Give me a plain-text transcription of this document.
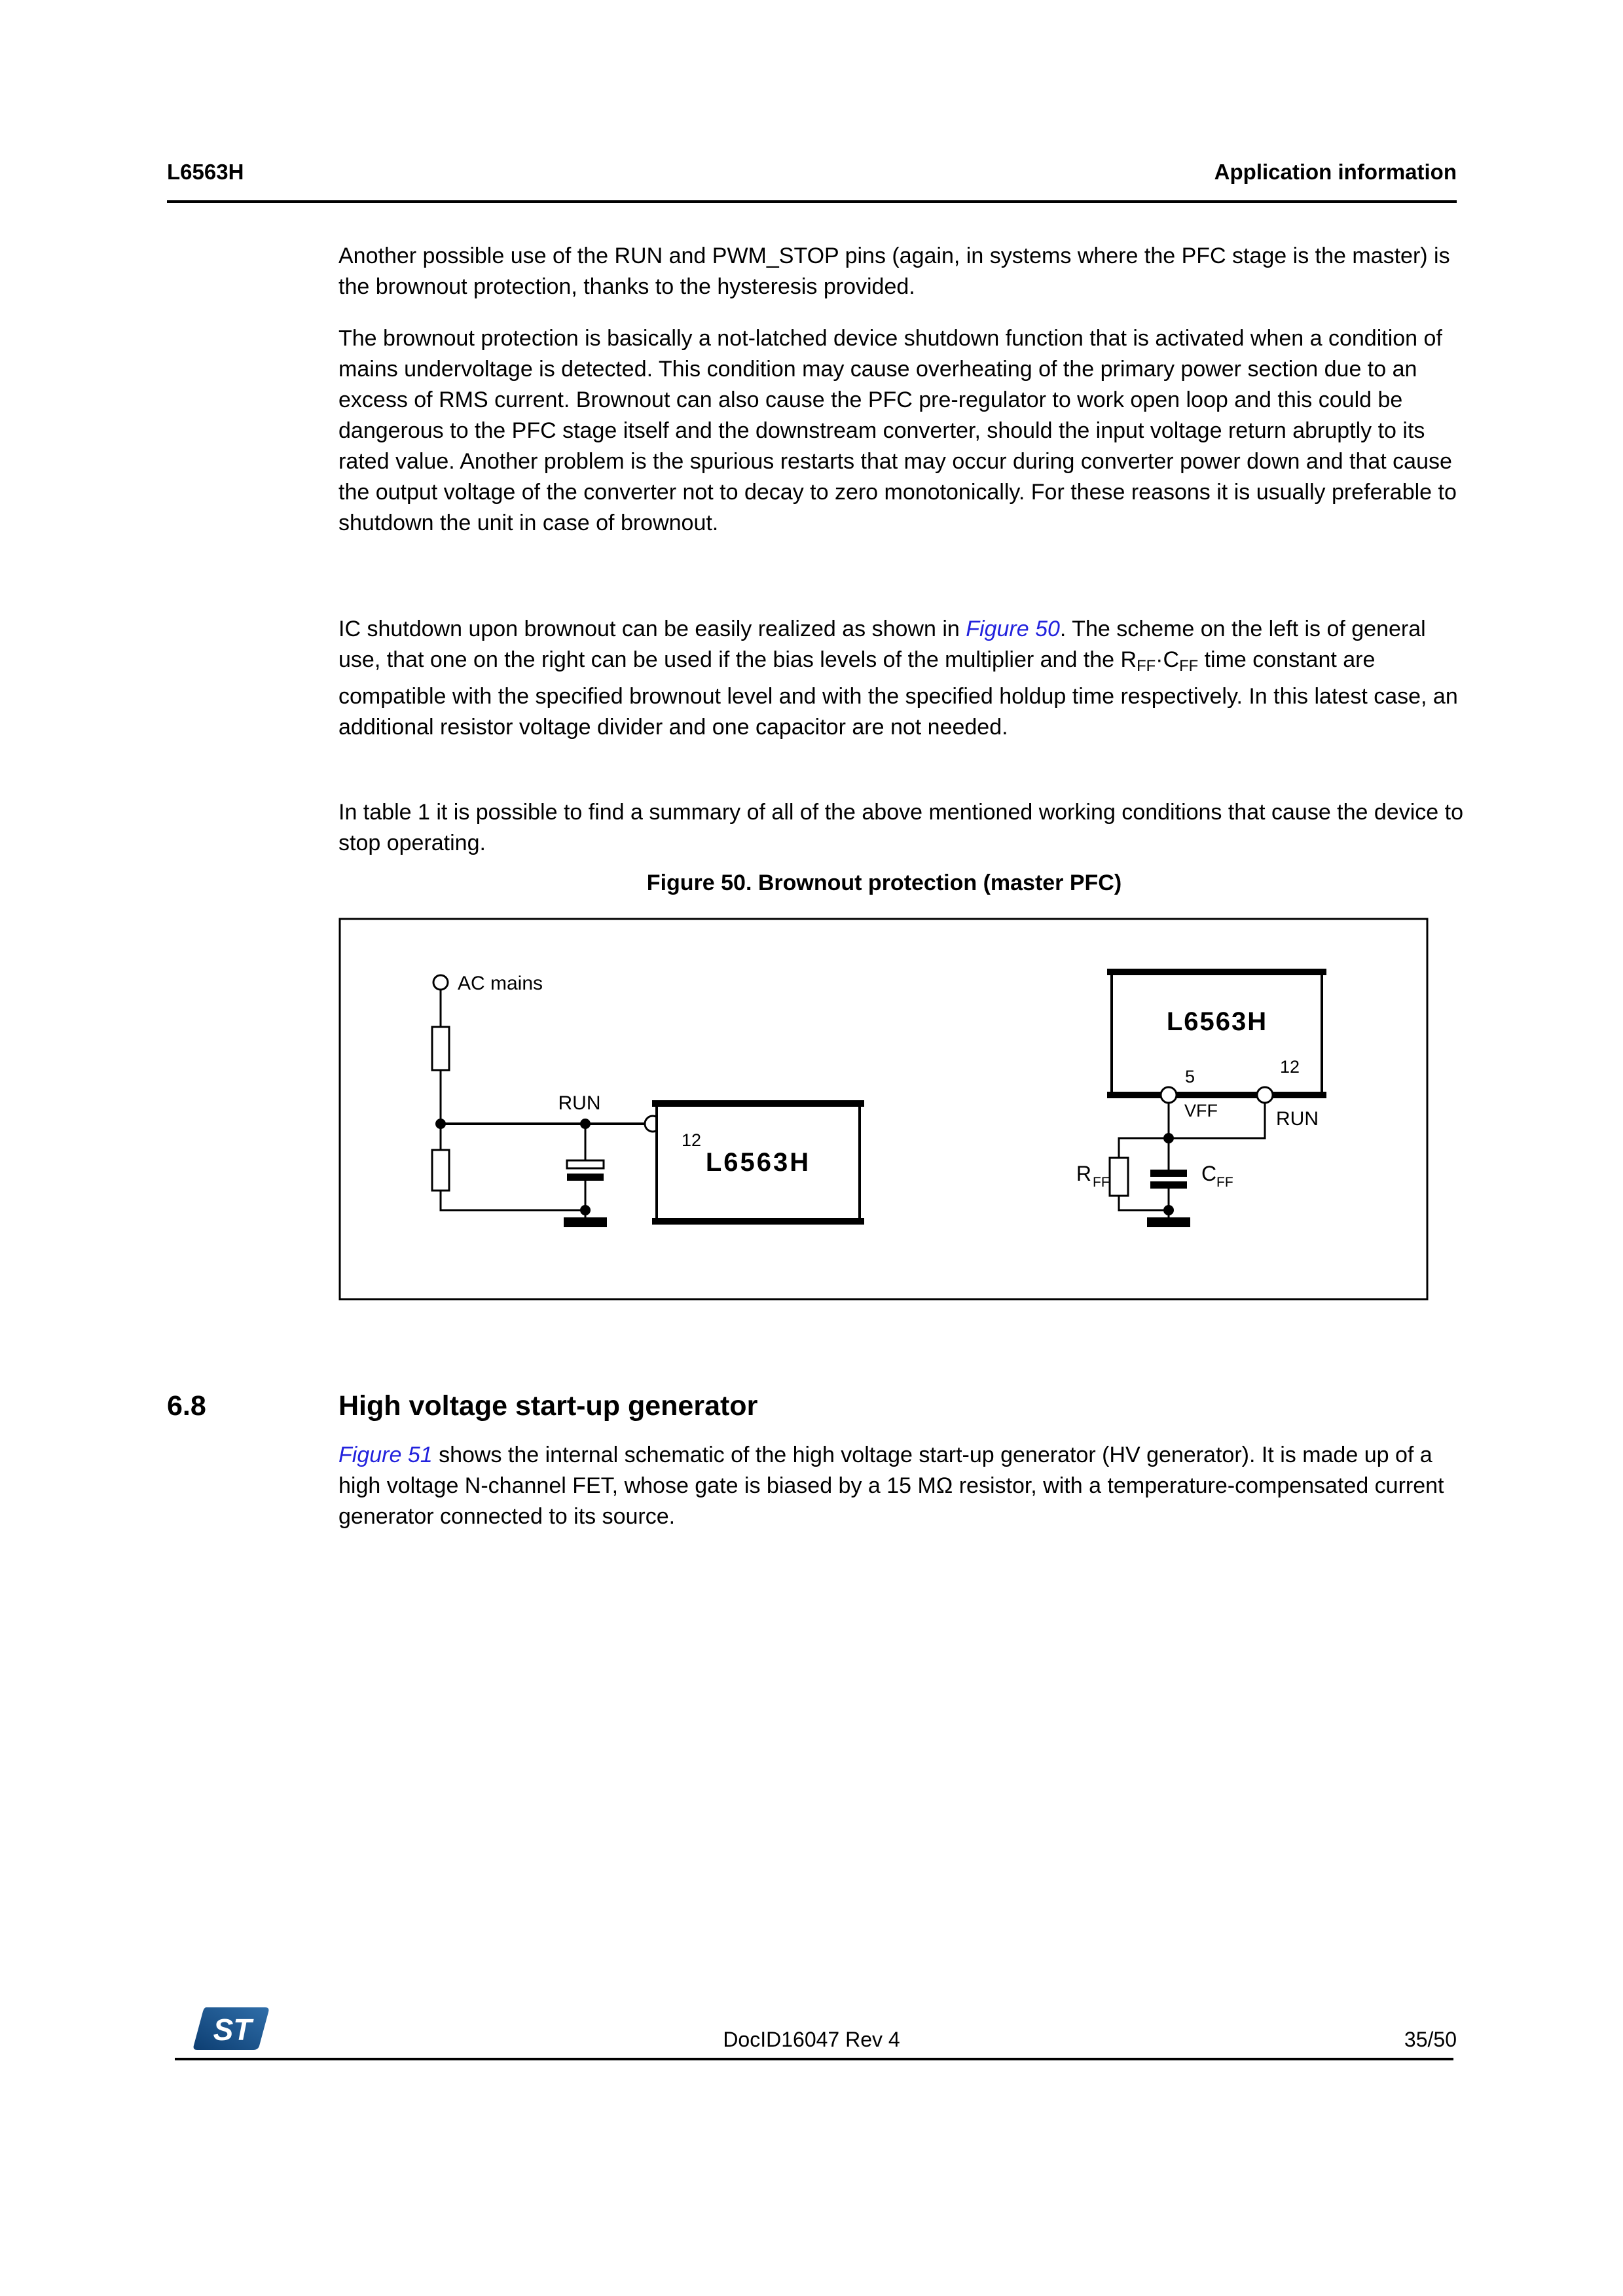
L6563H	Application information

Another possible use of the RUN and PWM_STOP pins (again, in systems where the PFC stage is the master) is the brownout protection, thanks to the hysteresis provided.

The brownout protection is basically a not-latched device shutdown function that is activated when a condition of mains undervoltage is detected. This condition may cause overheating of the primary power section due to an excess of RMS current. Brownout can also cause the PFC pre-regulator to work open loop and this could be dangerous to the PFC stage itself and the downstream converter, should the input voltage return abruptly to its rated value. Another problem is the spurious restarts that may occur during converter power down and that cause the output voltage of the converter not to decay to zero monotonically. For these reasons it is usually preferable to shutdown the unit in case of brownout.

IC shutdown upon brownout can be easily realized as shown in Figure 50. The scheme on the left is of general use, that one on the right can be used if the bias levels of the multiplier and the $R_{FF}\cdot C_{FF}$ time constant are compatible with the specified brownout level and with the specified holdup time respectively. In this latest case, an additional resistor voltage divider and one capacitor are not needed.

In table 1 it is possible to find a summary of all of the above mentioned working conditions that cause the device to stop operating.

Figure 50. Brownout protection (master PFC)

AC mains
RUN
L6563H
12
L6563H
5	12
VFF	RUN
R FF	C FF
6.8	High voltage start-up generator

Figure 51 shows the internal schematic of the high voltage start-up generator (HV generator). It is made up of a high voltage N-channel FET, whose gate is biased by a 15 MΩ resistor, with a temperature-compensated current generator connected to its source.

ST	DocID16047 Rev 4	35/50
